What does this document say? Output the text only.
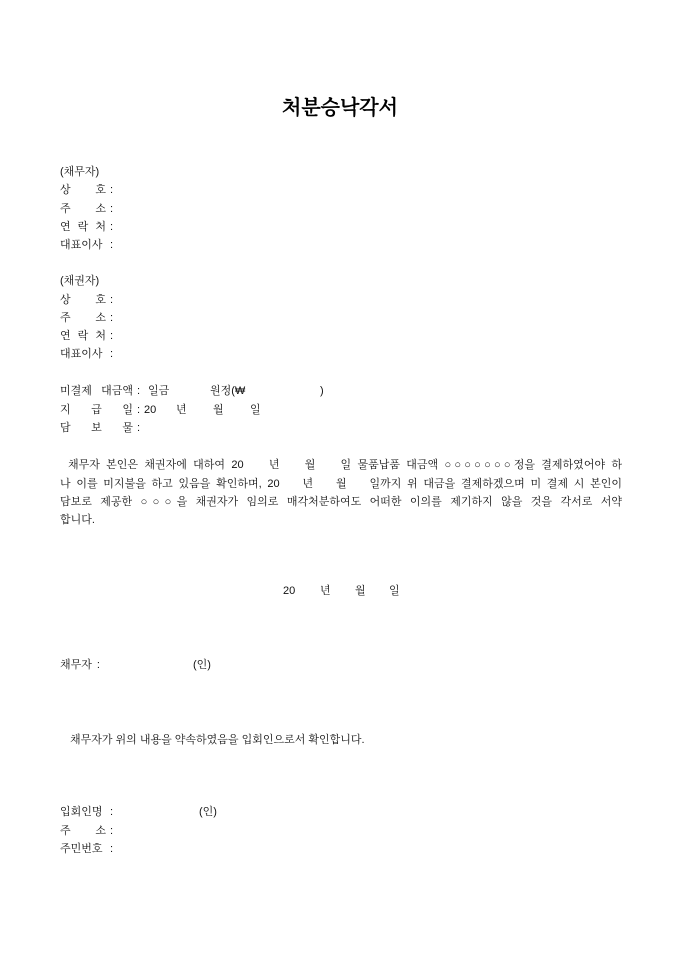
처분승낙각서
(채무자)
상 호 :
주 소 :
연 락 처 :
대표이사 :
(채권자)
상 호 :
주 소 :
연 락 처 :
대표이사 :
미결제 대금액 : 일금	원정(₩	)
지 급 일 : 20 년 월 일
담 보 물 :
채무자 본인은 채권자에 대하여 20    년    월    일 물품납품 대금액 ○○○○○○○정을 결제하였어야 하
나 이를 미지불을 하고 있음을 확인하며, 20    년    월    일까지 위 대금을 결제하겠으며 미 결제 시 본인이
담보로 제공한 ○○○을 채권자가 임의로 매각처분하여도 어떠한 이의를 제기하지 않을 것을 각서로 서약
합니다.
20 년 월 일
채무자 :	(인)
채무자가 위의 내용을 약속하였음을 입회인으로서 확인합니다.
입회인명 :	(인)
주 소 :
주민번호 :
